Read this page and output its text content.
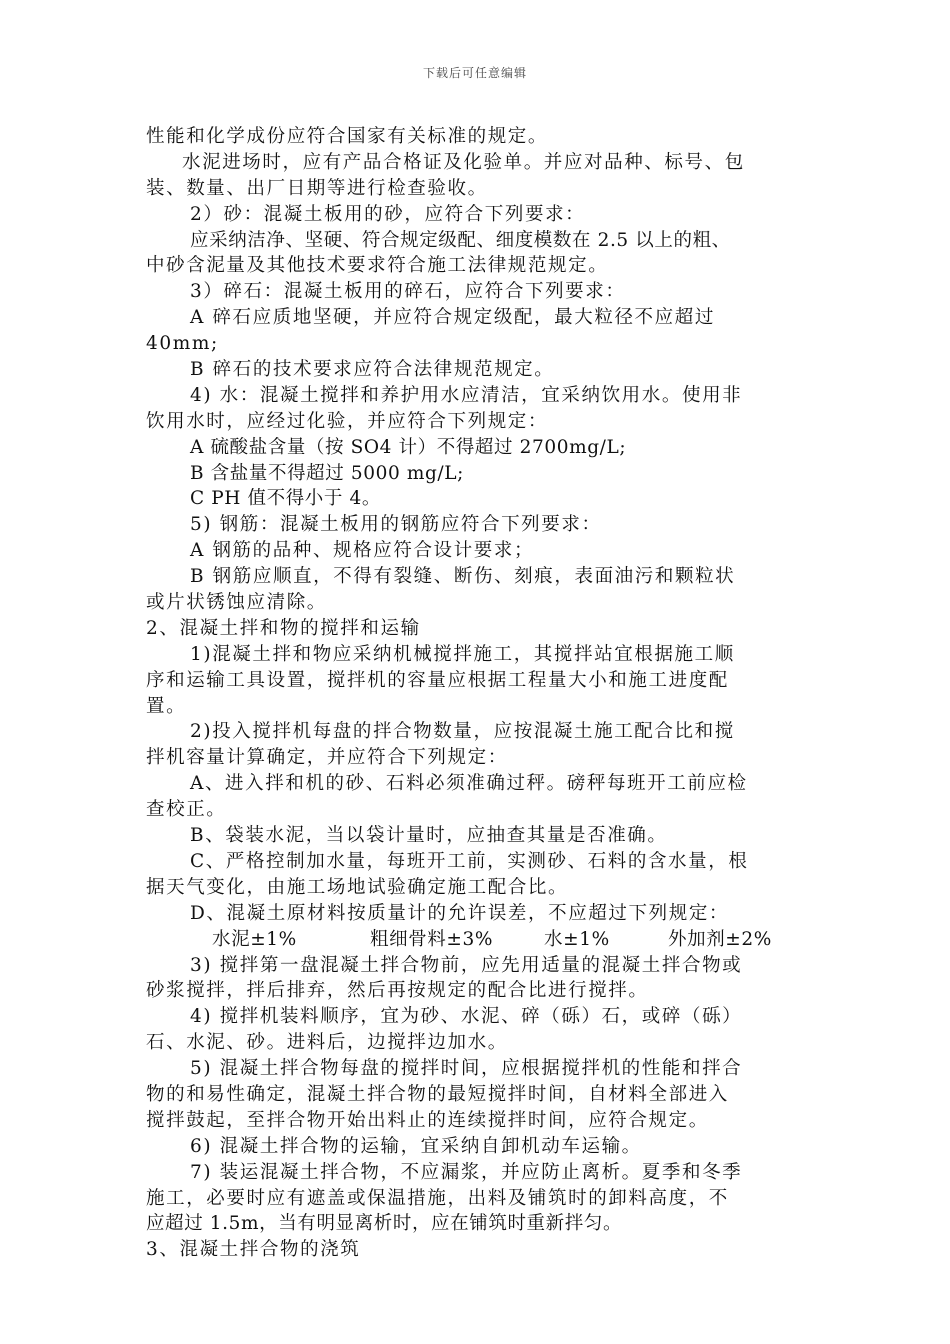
下载后可任意编辑
性能和化学成份应符合国家有关标准的规定。
水泥进场时，应有产品合格证及化验单。并应对品种、标号、包
装、数量、出厂日期等进行检查验收。
2）砂：混凝土板用的砂，应符合下列要求：
应采纳洁净、坚硬、符合规定级配、细度模数在 2.5 以上的粗、
中砂含泥量及其他技术要求符合施工法律规范规定。
3）碎石：混凝土板用的碎石，应符合下列要求：
A 碎石应质地坚硬，并应符合规定级配，最大粒径不应超过
40mm;
B 碎石的技术要求应符合法律规范规定。
4) 水：混凝土搅拌和养护用水应清洁，宜采纳饮用水。使用非
饮用水时，应经过化验，并应符合下列规定：
A 硫酸盐含量（按 SO4 计）不得超过 2700mg/L;
B 含盐量不得超过 5000 mg/L;
C PH 值不得小于 4。
5) 钢筋：混凝土板用的钢筋应符合下列要求：
A 钢筋的品种、规格应符合设计要求；
B 钢筋应顺直，不得有裂缝、断伤、刻痕，表面油污和颗粒状
或片状锈蚀应清除。
2、混凝土拌和物的搅拌和运输
1)混凝土拌和物应采纳机械搅拌施工，其搅拌站宜根据施工顺
序和运输工具设置，搅拌机的容量应根据工程量大小和施工进度配
置。
2)投入搅拌机每盘的拌合物数量，应按混凝土施工配合比和搅
拌机容量计算确定，并应符合下列规定：
A、进入拌和机的砂、石料必须准确过秤。磅秤每班开工前应检
查校正。
B、袋装水泥，当以袋计量时，应抽查其量是否准确。
C、严格控制加水量，每班开工前，实测砂、石料的含水量，根
据天气变化，由施工场地试验确定施工配合比。
D、混凝土原材料按质量计的允许误差，不应超过下列规定：
水泥±1%	粗细骨料±3%	水±1%	外加剂±2%
3) 搅拌第一盘混凝土拌合物前，应先用适量的混凝土拌合物或
砂浆搅拌，拌后排弃，然后再按规定的配合比进行搅拌。
4) 搅拌机装料顺序，宜为砂、水泥、碎（砾）石，或碎（砾）
石、水泥、砂。进料后，边搅拌边加水。
5) 混凝土拌合物每盘的搅拌时间，应根据搅拌机的性能和拌合
物的和易性确定，混凝土拌合物的最短搅拌时间，自材料全部进入
搅拌鼓起，至拌合物开始出料止的连续搅拌时间，应符合规定。
6) 混凝土拌合物的运输，宜采纳自卸机动车运输。
7) 装运混凝土拌合物，不应漏浆，并应防止离析。夏季和冬季
施工，必要时应有遮盖或保温措施，出料及铺筑时的卸料高度，不
应超过 1.5m，当有明显离析时，应在铺筑时重新拌匀。
3、混凝土拌合物的浇筑
